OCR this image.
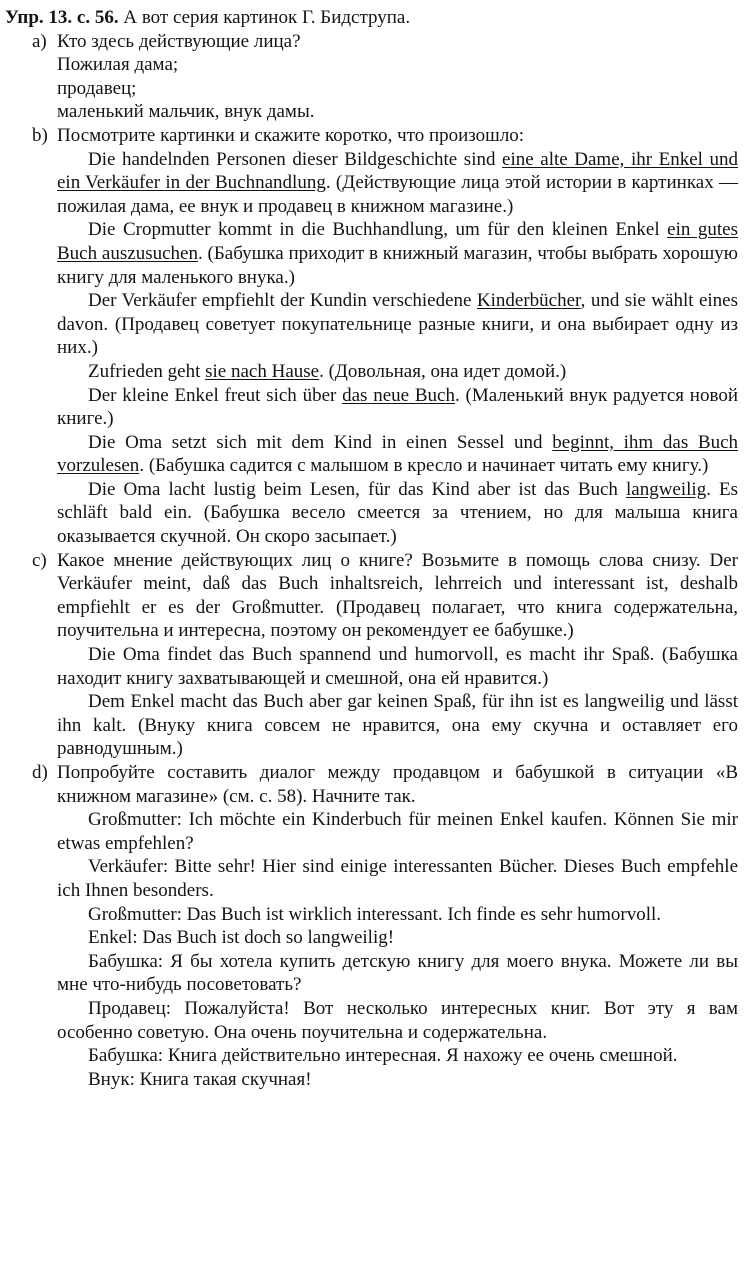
Упр. 13. с. 56. А вот серия картинок Г. Бидструпа.

a) Кто здесь действующие лица?

Пожилая дама;

продавец;

маленький мальчик, внук дамы.

b) Посмотрите картинки и скажите коротко, что произошло:

Die handelnden Personen dieser Bildgeschichte sind eine alte Dame, ihr Enkel und ein Verkäufer in der Buchnandlung. (Действующие лица этой истории в картинках — пожилая дама, ее внук и продавец в книжном магазине.)

Die Cropmutter kommt in die Buchhandlung, um für den kleinen Enkel ein gutes Buch auszusuchen. (Бабушка приходит в книжный магазин, чтобы выбрать хорошую книгу для маленького внука.)

Der Verkäufer empfiehlt der Kundin verschiedene Kinderbücher, und sie wählt eines davon. (Продавец советует покупательнице разные книги, и она выбирает одну из них.)

Zufrieden geht sie nach Hause. (Довольная, она идет домой.)

Der kleine Enkel freut sich über das neue Buch. (Маленький внук радуется новой книге.)

Die Oma setzt sich mit dem Kind in einen Sessel und beginnt, ihm das Buch vorzulesen. (Бабушка садится с малышом в кресло и начинает читать ему книгу.)

Die Oma lacht lustig beim Lesen, für das Kind aber ist das Buch langweilig. Es schläft bald ein. (Бабушка весело смеется за чтением, но для малыша книга оказывается скучной. Он скоро засыпает.)

c) Какое мнение действующих лиц о книге? Возьмите в помощь слова снизу. Der Verkäufer meint, daß das Buch inhaltsreich, lehrreich und interessant ist, deshalb empfiehlt er es der Großmutter. (Продавец полагает, что книга содержательна, поучительна и интересна, поэтому он рекомендует ее бабушке.)

Die Oma findet das Buch spannend und humorvoll, es macht ihr Spaß. (Бабушка находит книгу захватывающей и смешной, она ей нравится.)

Dem Enkel macht das Buch aber gar keinen Spaß, für ihn ist es langweilig und lässt ihn kalt. (Внуку книга совсем не нравится, она ему скучна и оставляет его равнодушным.)

d) Попробуйте составить диалог между продавцом и бабушкой в ситуации «В книжном магазине» (см. с. 58). Начните так.

Großmutter: Ich möchte ein Kinderbuch für meinen Enkel kaufen. Können Sie mir etwas empfehlen?

Verkäufer: Bitte sehr! Hier sind einige interessanten Bücher. Dieses Buch empfehle ich Ihnen besonders.

Großmutter: Das Buch ist wirklich interessant. Ich finde es sehr humorvoll.

Enkel: Das Buch ist doch so langweilig!

Бабушка: Я бы хотела купить детскую книгу для моего внука. Можете ли вы мне что-нибудь посоветовать?

Продавец: Пожалуйста! Вот несколько интересных книг. Вот эту я вам особенно советую. Она очень поучительна и содержательна.

Бабушка: Книга действительно интересная. Я нахожу ее очень смешной.

Внук: Книга такая скучная!
